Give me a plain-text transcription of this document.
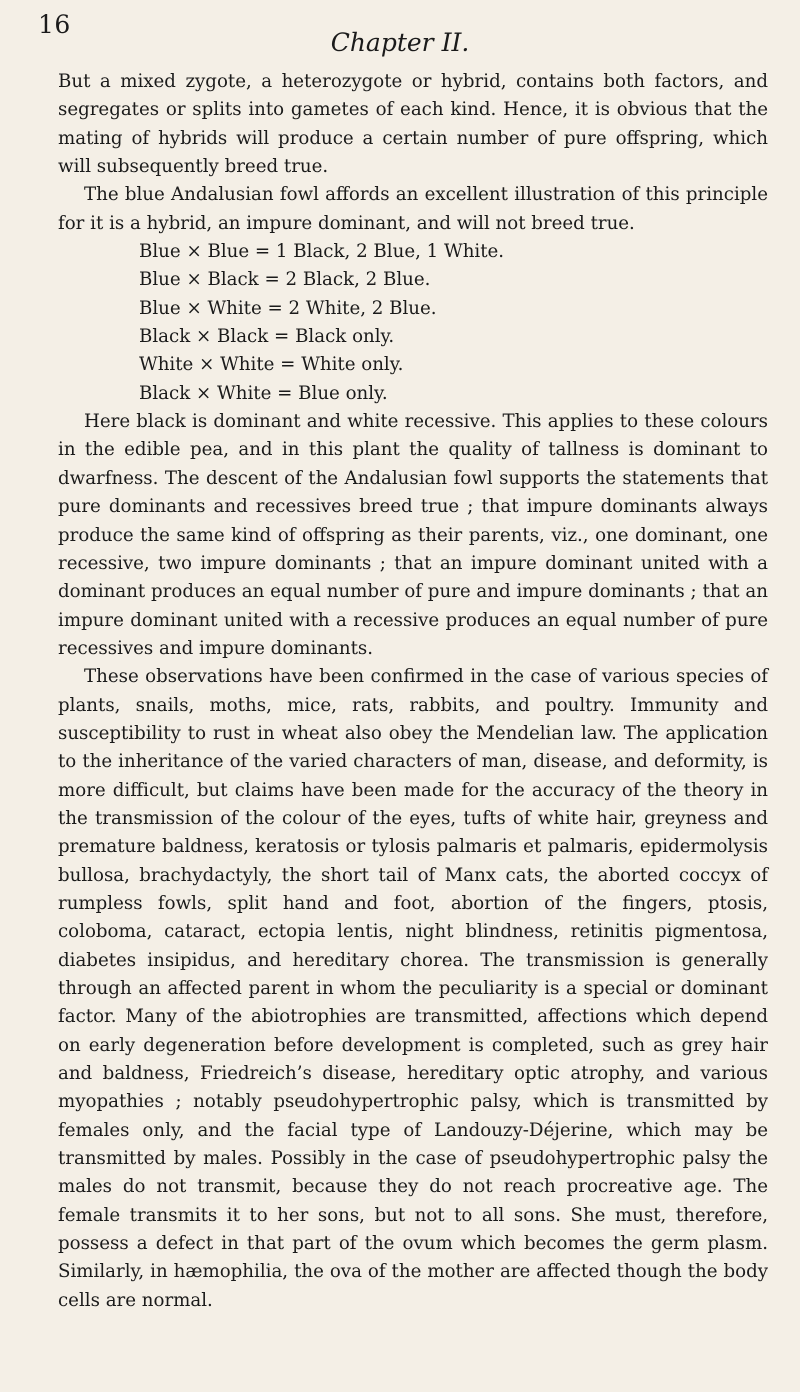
16
Chapter II.

But a mixed zygote, a heterozygote or hybrid, contains both factors, and segregates or splits into gametes of each kind. Hence, it is obvious that the mating of hybrids will produce a certain number of pure offspring, which will subsequently breed true.

The blue Andalusian fowl affords an excellent illustration of this principle for it is a hybrid, an impure dominant, and will not breed true.

Blue × Blue = 1 Black, 2 Blue, 1 White.
Blue × Black = 2 Black, 2 Blue.
Blue × White = 2 White, 2 Blue.
Black × Black = Black only.
White × White = White only.
Black × White = Blue only.

Here black is dominant and white recessive. This applies to these colours in the edible pea, and in this plant the quality of tallness is dominant to dwarfness. The descent of the Andalusian fowl supports the statements that pure dominants and recessives breed true ; that impure dominants always produce the same kind of offspring as their parents, viz., one dominant, one recessive, two impure dominants ; that an impure dominant united with a dominant produces an equal number of pure and impure dominants ; that an impure dominant united with a recessive produces an equal number of pure recessives and impure dominants.

These observations have been confirmed in the case of various species of plants, snails, moths, mice, rats, rabbits, and poultry. Immunity and susceptibility to rust in wheat also obey the Mendelian law. The application to the inheritance of the varied characters of man, disease, and deformity, is more difficult, but claims have been made for the accuracy of the theory in the transmission of the colour of the eyes, tufts of white hair, greyness and premature baldness, keratosis or tylosis palmaris et palmaris, epidermolysis bullosa, brachydactyly, the short tail of Manx cats, the aborted coccyx of rumpless fowls, split hand and foot, abortion of the fingers, ptosis, coloboma, cataract, ectopia lentis, night blindness, retinitis pigmentosa, diabetes insipidus, and hereditary chorea. The transmission is generally through an affected parent in whom the peculiarity is a special or dominant factor. Many of the abiotrophies are transmitted, affections which depend on early degeneration before development is completed, such as grey hair and baldness, Friedreich’s disease, hereditary optic atrophy, and various myopathies ; notably pseudohypertrophic palsy, which is transmitted by females only, and the facial type of Landouzy-Déjerine, which may be transmitted by males. Possibly in the case of pseudohypertrophic palsy the males do not transmit, because they do not reach procreative age. The female transmits it to her sons, but not to all sons. She must, therefore, possess a defect in that part of the ovum which becomes the germ plasm. Similarly, in hæmophilia, the ova of the mother are affected though the body cells are normal.
